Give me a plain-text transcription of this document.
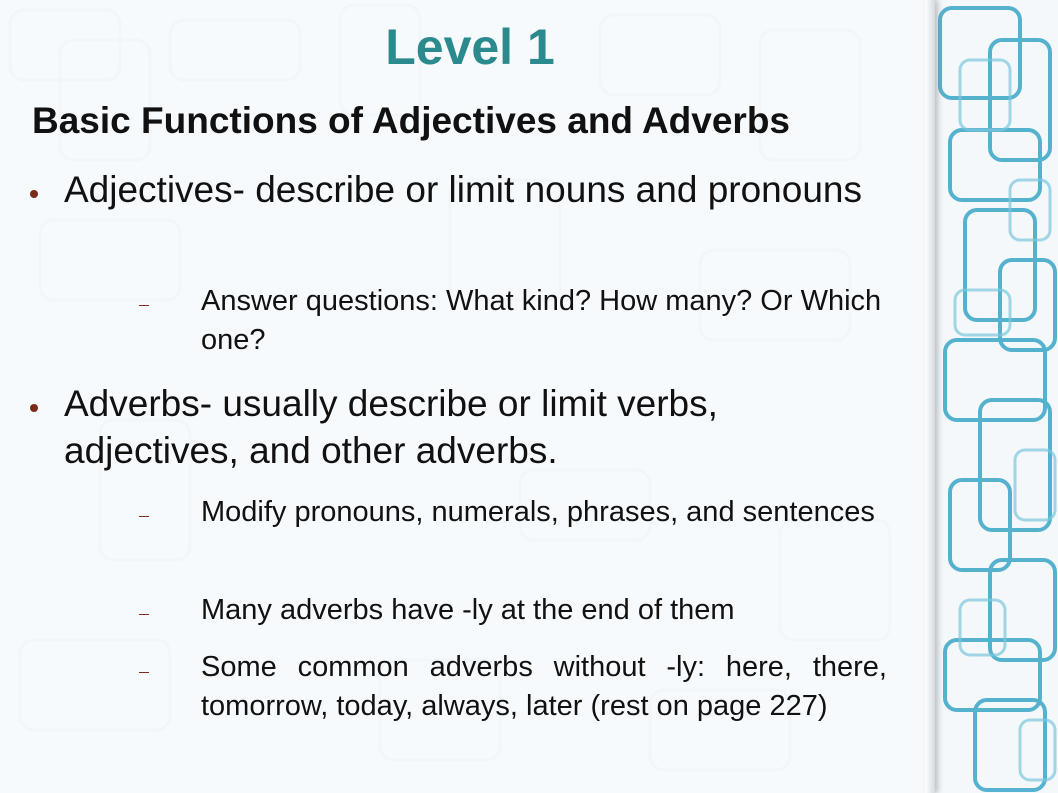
Level 1
Basic Functions of Adjectives and Adverbs
Adjectives- describe or limit nouns and pronouns
Answer questions: What kind? How many? Or Which one?
Adverbs- usually describe or limit verbs, adjectives, and other adverbs.
Modify pronouns, numerals, phrases, and sentences
Many adverbs have -ly at the end of them
Some common adverbs without -ly: here, there, tomorrow, today, always, later (rest on page 227)
